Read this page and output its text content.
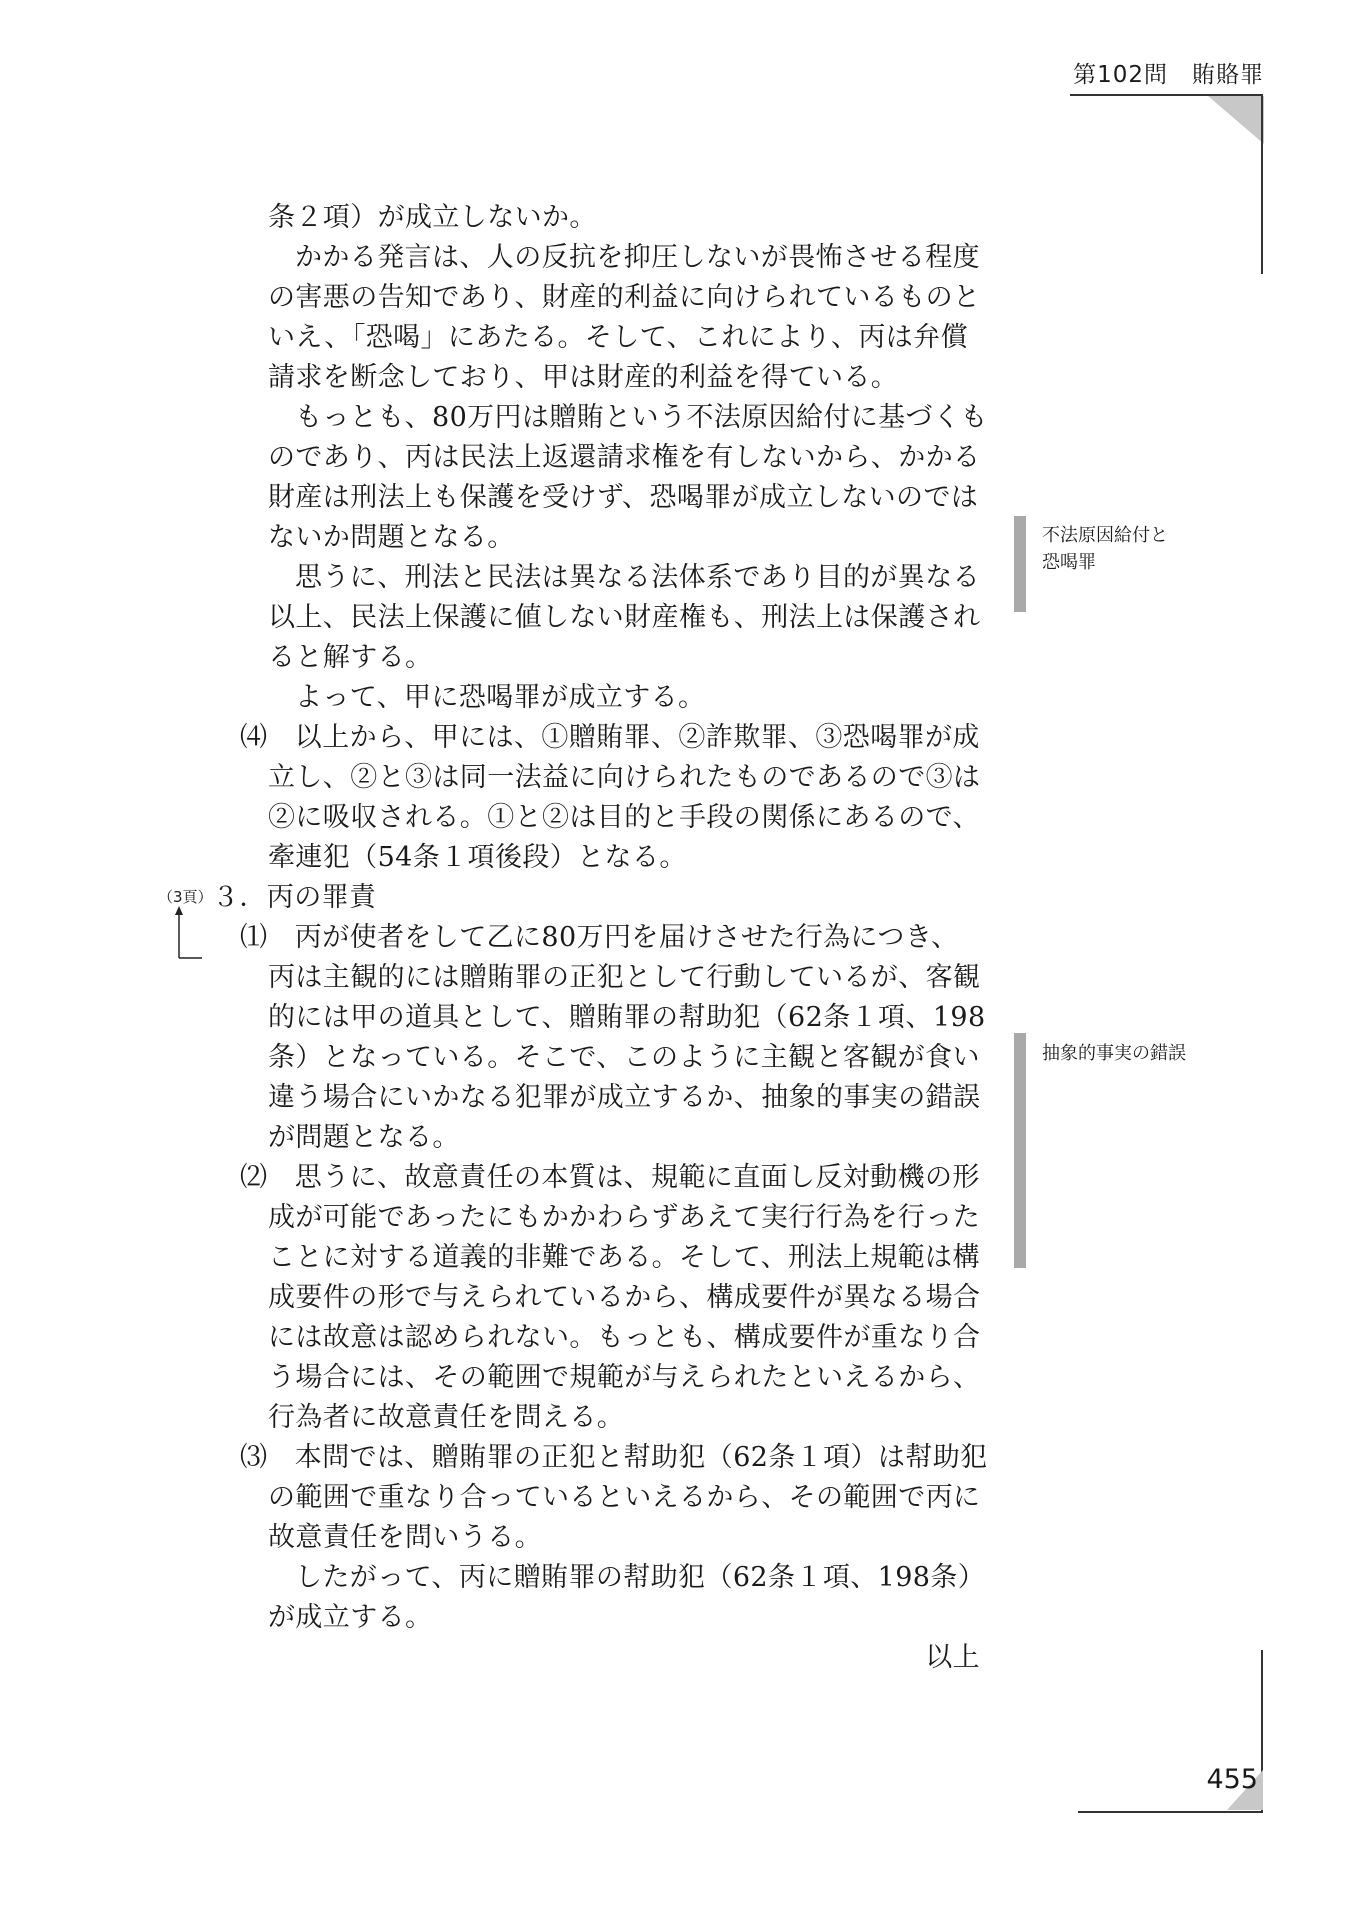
第102問　賄賂罪
条２項）が成立しないか。
かかる発言は、人の反抗を抑圧しないが畏怖させる程度
の害悪の告知であり、財産的利益に向けられているものと
いえ、「恐喝」にあたる。そして、これにより、丙は弁償
請求を断念しており、甲は財産的利益を得ている。
もっとも、80万円は贈賄という不法原因給付に基づくも
のであり、丙は民法上返還請求権を有しないから、かかる
財産は刑法上も保護を受けず、恐喝罪が成立しないのでは
ないか問題となる。
思うに、刑法と民法は異なる法体系であり目的が異なる
以上、民法上保護に値しない財産権も、刑法上は保護され
ると解する。
よって、甲に恐喝罪が成立する。
⑷　以上から、甲には、①贈賄罪、②詐欺罪、③恐喝罪が成
立し、②と③は同一法益に向けられたものであるので③は
②に吸収される。①と②は目的と手段の関係にあるので、
牽連犯（54条１項後段）となる。
３．丙の罪責
⑴　丙が使者をして乙に80万円を届けさせた行為につき、
丙は主観的には贈賄罪の正犯として行動しているが、客観
的には甲の道具として、贈賄罪の幇助犯（62条１項、198
条）となっている。そこで、このように主観と客観が食い
違う場合にいかなる犯罪が成立するか、抽象的事実の錯誤
が問題となる。
⑵　思うに、故意責任の本質は、規範に直面し反対動機の形
成が可能であったにもかかわらずあえて実行行為を行った
ことに対する道義的非難である。そして、刑法上規範は構
成要件の形で与えられているから、構成要件が異なる場合
には故意は認められない。もっとも、構成要件が重なり合
う場合には、その範囲で規範が与えられたといえるから、
行為者に故意責任を問える。
⑶　本問では、贈賄罪の正犯と幇助犯（62条１項）は幇助犯
の範囲で重なり合っているといえるから、その範囲で丙に
故意責任を問いうる。
したがって、丙に贈賄罪の幇助犯（62条１項、198条）
が成立する。
以上
不法原因給付と
恐喝罪
抽象的事実の錯誤
（3頁）
455
